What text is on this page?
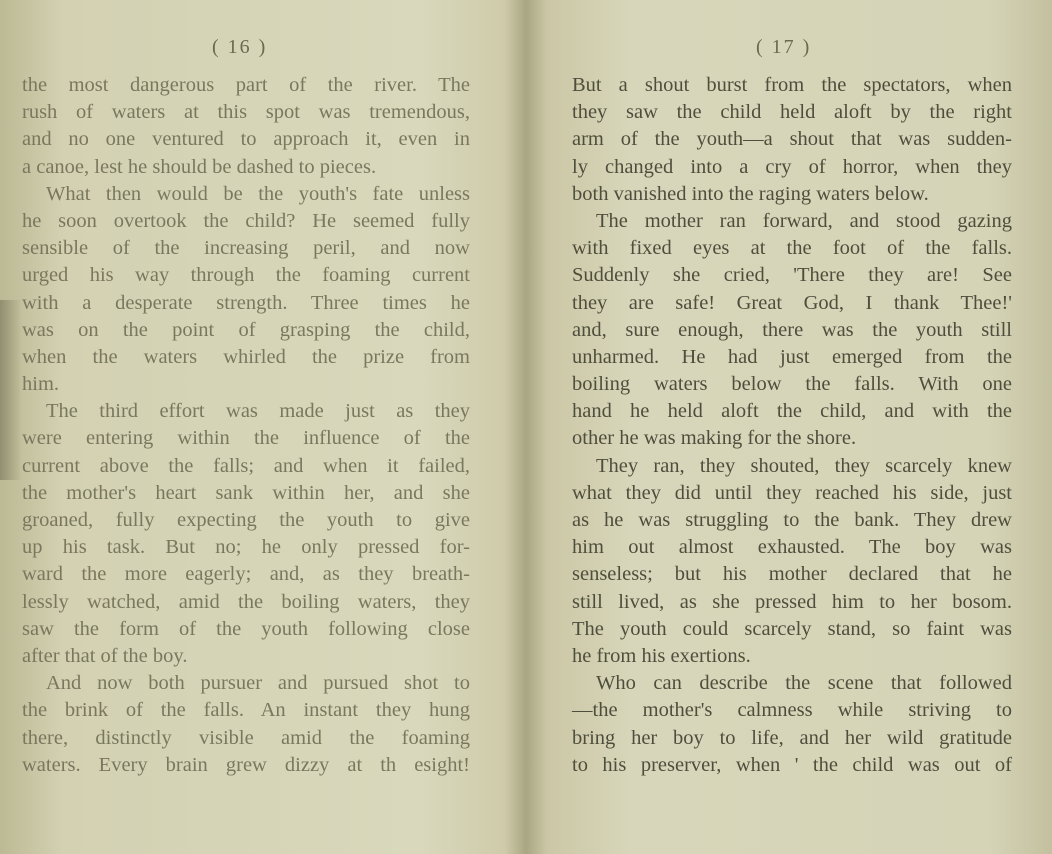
( 16 )
the most dangerous part of the river. The
rush of waters at this spot was tremendous,
and no one ventured to approach it, even in
a canoe, lest he should be dashed to pieces.
What then would be the youth's fate unless
he soon overtook the child? He seemed fully
sensible of the increasing peril, and now
urged his way through the foaming current
with a desperate strength. Three times he
was on the point of grasping the child,
when the waters whirled the prize from
him.
The third effort was made just as they
were entering within the influence of the
current above the falls; and when it failed,
the mother's heart sank within her, and she
groaned, fully expecting the youth to give
up his task. But no; he only pressed for-
ward the more eagerly; and, as they breath-
lessly watched, amid the boiling waters, they
saw the form of the youth following close
after that of the boy.
And now both pursuer and pursued shot to
the brink of the falls. An instant they hung
there, distinctly visible amid the foaming
waters. Every brain grew dizzy at th esight!
( 17 )
But a shout burst from the spectators, when
they saw the child held aloft by the right
arm of the youth—a shout that was sudden-
ly changed into a cry of horror, when they
both vanished into the raging waters below.
The mother ran forward, and stood gazing
with fixed eyes at the foot of the falls.
Suddenly she cried, 'There they are! See
they are safe! Great God, I thank Thee!'
and, sure enough, there was the youth still
unharmed. He had just emerged from the
boiling waters below the falls. With one
hand he held aloft the child, and with the
other he was making for the shore.
They ran, they shouted, they scarcely knew
what they did until they reached his side, just
as he was struggling to the bank. They drew
him out almost exhausted. The boy was
senseless; but his mother declared that he
still lived, as she pressed him to her bosom.
The youth could scarcely stand, so faint was
he from his exertions.
Who can describe the scene that followed
—the mother's calmness while striving to
bring her boy to life, and her wild gratitude
to his preserver, when ' the child was out of
